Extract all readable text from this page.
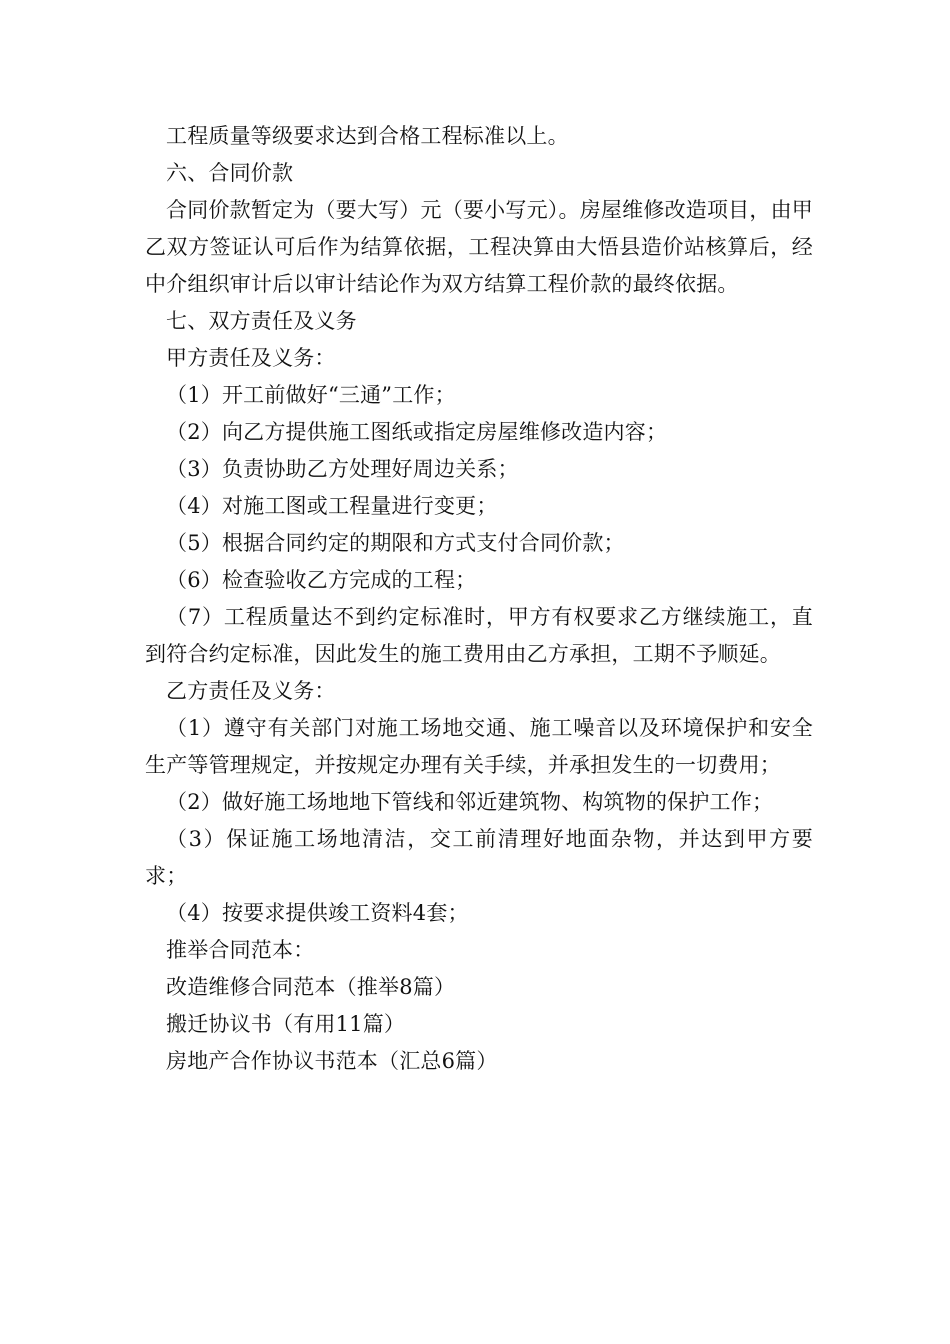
工程质量等级要求达到合格工程标准以上。

六、合同价款

合同价款暂定为（要大写）元（要小写元）。房屋维修改造项目，由甲乙双方签证认可后作为结算依据，工程决算由大悟县造价站核算后，经中介组织审计后以审计结论作为双方结算工程价款的最终依据。

七、双方责任及义务

甲方责任及义务：

（1）开工前做好“三通”工作；

（2）向乙方提供施工图纸或指定房屋维修改造内容；

（3）负责协助乙方处理好周边关系；

（4）对施工图或工程量进行变更；

（5）根据合同约定的期限和方式支付合同价款；

（6）检查验收乙方完成的工程；

（7）工程质量达不到约定标准时，甲方有权要求乙方继续施工，直到符合约定标准，因此发生的施工费用由乙方承担，工期不予顺延。

乙方责任及义务：

（1）遵守有关部门对施工场地交通、施工噪音以及环境保护和安全生产等管理规定，并按规定办理有关手续，并承担发生的一切费用；

（2）做好施工场地地下管线和邻近建筑物、构筑物的保护工作；

（3）保证施工场地清洁，交工前清理好地面杂物，并达到甲方要求；

（4）按要求提供竣工资料4套；

推举合同范本：

改造维修合同范本（推举8篇）

搬迁协议书（有用11篇）

房地产合作协议书范本（汇总6篇）
